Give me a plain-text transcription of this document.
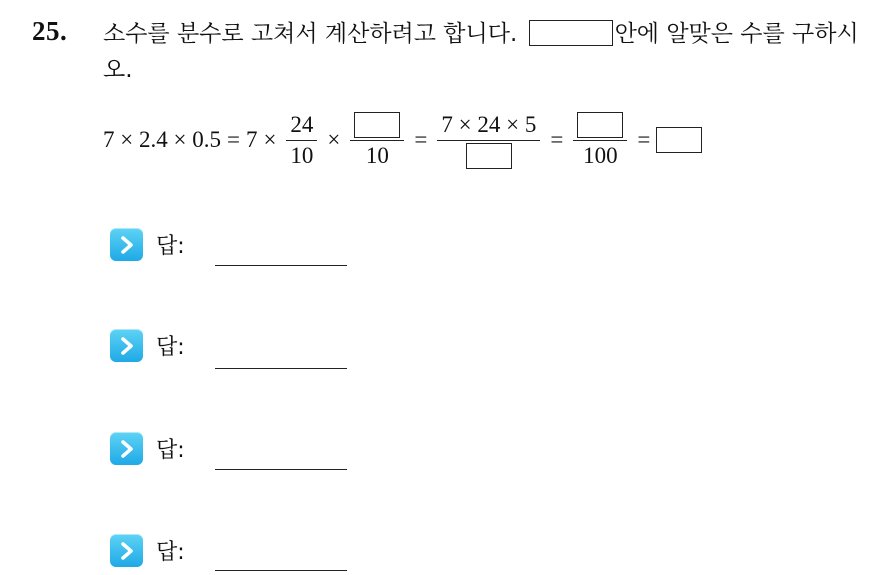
25. 소수를 분수로 고쳐서 계산하려고 합니다.	안에 알맞은 수를 구하시오.
$7 \times 2.4 \times 0.5 = 7 \times \frac{24}{10}$ ×
10
=
7 × 24 × 5
=
100
=
답:
답:
답:
답:
